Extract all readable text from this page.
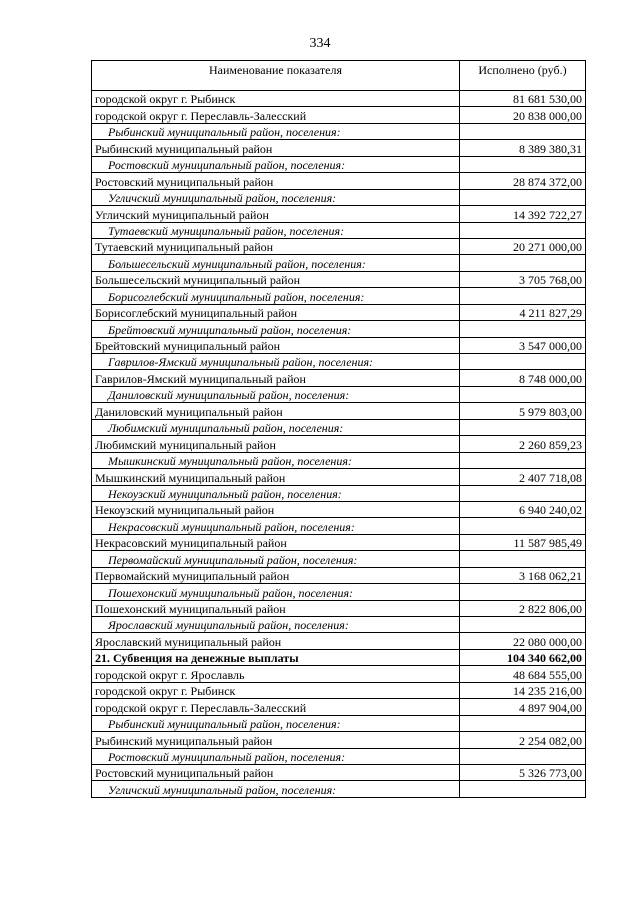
334
Наименование показателя	Исполнено (руб.)
городской округ г. Рыбинск	81 681 530,00
городской округ г. Переславль-Залесский	20 838 000,00
Рыбинский муниципальный район, поселения:	
Рыбинский муниципальный район	8 389 380,31
Ростовский муниципальный район, поселения:	
Ростовский муниципальный район	28 874 372,00
Угличский муниципальный район, поселения:	
Угличский муниципальный район	14 392 722,27
Тутаевский муниципальный район, поселения:	
Тутаевский муниципальный район	20 271 000,00
Большесельский муниципальный район, поселения:	
Большесельский муниципальный район	3 705 768,00
Борисоглебский муниципальный район, поселения:	
Борисоглебский муниципальный район	4 211 827,29
Брейтовский муниципальный район, поселения:	
Брейтовский муниципальный район	3 547 000,00
Гаврилов-Ямский муниципальный район, поселения:	
Гаврилов-Ямский муниципальный район	8 748 000,00
Даниловский муниципальный район, поселения:	
Даниловский муниципальный район	5 979 803,00
Любимский муниципальный район, поселения:	
Любимский муниципальный район	2 260 859,23
Мышкинский муниципальный район, поселения:	
Мышкинский муниципальный район	2 407 718,08
Некоузский муниципальный район, поселения:	
Некоузский муниципальный район	6 940 240,02
Некрасовский муниципальный район, поселения:	
Некрасовский муниципальный район	11 587 985,49
Первомайский муниципальный район, поселения:	
Первомайский муниципальный район	3 168 062,21
Пошехонский муниципальный район, поселения:	
Пошехонский муниципальный район	2 822 806,00
Ярославский муниципальный район, поселения:	
Ярославский муниципальный район	22 080 000,00
21. Субвенция на денежные выплаты	104 340 662,00
городской округ г. Ярославль	48 684 555,00
городской округ г. Рыбинск	14 235 216,00
городской округ г. Переславль-Залесский	4 897 904,00
Рыбинский муниципальный район, поселения:	
Рыбинский муниципальный район	2 254 082,00
Ростовский муниципальный район, поселения:	
Ростовский муниципальный район	5 326 773,00
Угличский муниципальный район, поселения:	
